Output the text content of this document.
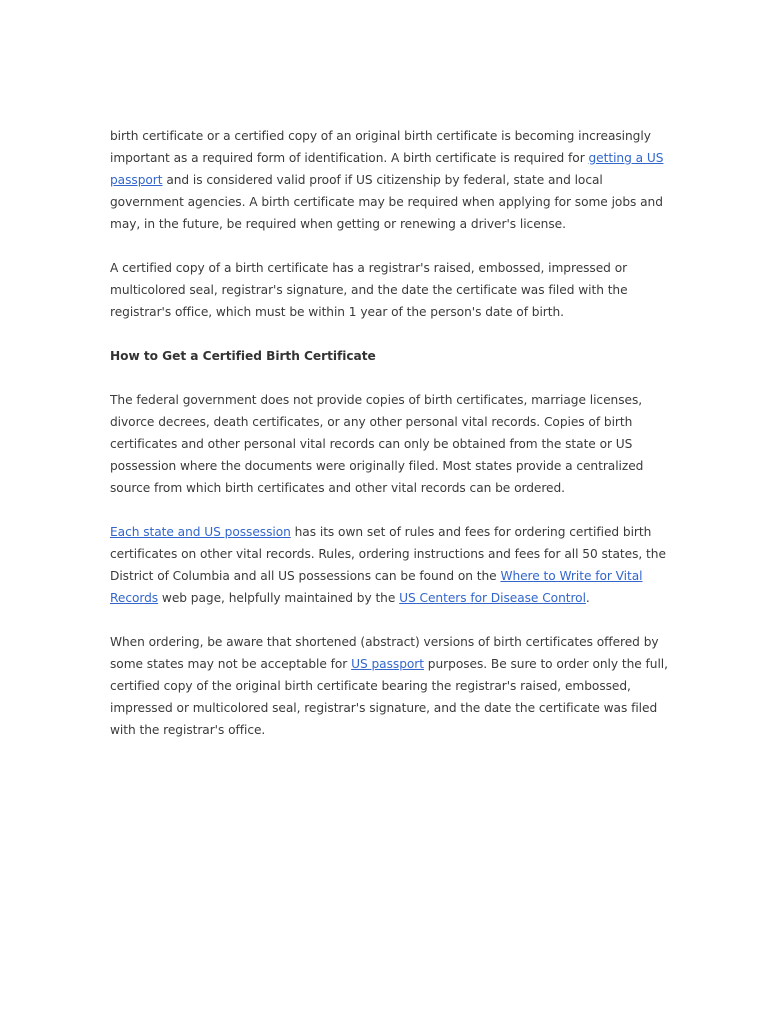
birth certificate or a certified copy of an original birth certificate is becoming increasingly important as a required form of identification. A birth certificate is required for getting a US passport and is considered valid proof if US citizenship by federal, state and local government agencies. A birth certificate may be required when applying for some jobs and may, in the future, be required when getting or renewing a driver's license.

A certified copy of a birth certificate has a registrar's raised, embossed, impressed or multicolored seal, registrar's signature, and the date the certificate was filed with the registrar's office, which must be within 1 year of the person's date of birth.

How to Get a Certified Birth Certificate

The federal government does not provide copies of birth certificates, marriage licenses, divorce decrees, death certificates, or any other personal vital records. Copies of birth certificates and other personal vital records can only be obtained from the state or US possession where the documents were originally filed. Most states provide a centralized source from which birth certificates and other vital records can be ordered.

Each state and US possession has its own set of rules and fees for ordering certified birth certificates on other vital records. Rules, ordering instructions and fees for all 50 states, the District of Columbia and all US possessions can be found on the Where to Write for Vital Records web page, helpfully maintained by the US Centers for Disease Control.

When ordering, be aware that shortened (abstract) versions of birth certificates offered by some states may not be acceptable for US passport purposes. Be sure to order only the full, certified copy of the original birth certificate bearing the registrar's raised, embossed, impressed or multicolored seal, registrar's signature, and the date the certificate was filed with the registrar's office.
